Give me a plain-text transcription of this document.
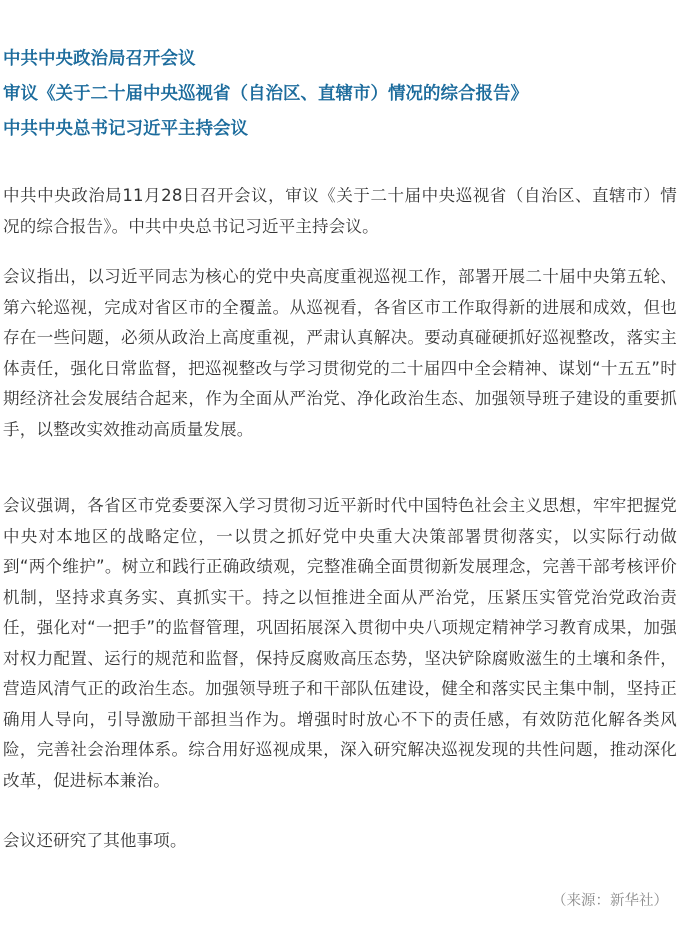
中共中央政治局召开会议
审议《关于二十届中央巡视省（自治区、直辖市）情况的综合报告》
中共中央总书记习近平主持会议

中共中央政治局11月28日召开会议，审议《关于二十届中央巡视省（自治区、直辖市）情况的综合报告》。中共中央总书记习近平主持会议。

会议指出，以习近平同志为核心的党中央高度重视巡视工作，部署开展二十届中央第五轮、第六轮巡视，完成对省区市的全覆盖。从巡视看，各省区市工作取得新的进展和成效，但也存在一些问题，必须从政治上高度重视，严肃认真解决。要动真碰硬抓好巡视整改，落实主体责任，强化日常监督，把巡视整改与学习贯彻党的二十届四中全会精神、谋划“十五五”时期经济社会发展结合起来，作为全面从严治党、净化政治生态、加强领导班子建设的重要抓手，以整改实效推动高质量发展。

会议强调，各省区市党委要深入学习贯彻习近平新时代中国特色社会主义思想，牢牢把握党中央对本地区的战略定位，一以贯之抓好党中央重大决策部署贯彻落实，以实际行动做到“两个维护”。树立和践行正确政绩观，完整准确全面贯彻新发展理念，完善干部考核评价机制，坚持求真务实、真抓实干。持之以恒推进全面从严治党，压紧压实管党治党政治责任，强化对“一把手”的监督管理，巩固拓展深入贯彻中央八项规定精神学习教育成果，加强对权力配置、运行的规范和监督，保持反腐败高压态势，坚决铲除腐败滋生的土壤和条件，营造风清气正的政治生态。加强领导班子和干部队伍建设，健全和落实民主集中制，坚持正确用人导向，引导激励干部担当作为。增强时时放心不下的责任感，有效防范化解各类风险，完善社会治理体系。综合用好巡视成果，深入研究解决巡视发现的共性问题，推动深化改革，促进标本兼治。

会议还研究了其他事项。

（来源：新华社）
